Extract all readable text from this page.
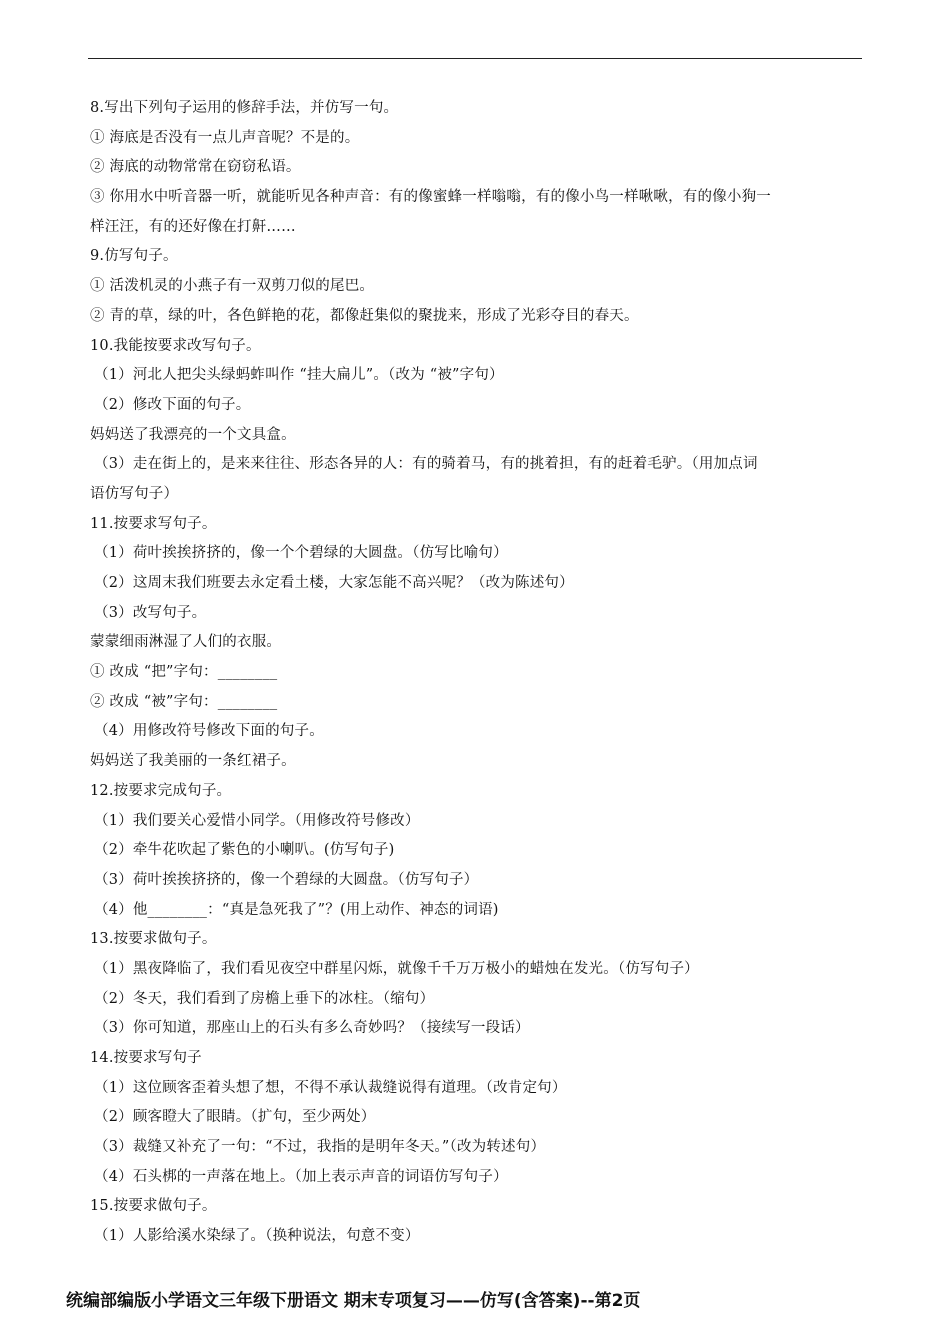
8.写出下列句子运用的修辞手法，并仿写一句。
① 海底是否没有一点儿声音呢？不是的。
② 海底的动物常常在窃窃私语。
③ 你用水中听音器一听，就能听见各种声音：有的像蜜蜂一样嗡嗡，有的像小鸟一样啾啾，有的像小狗一
样汪汪，有的还好像在打鼾……
9.仿写句子。
① 活泼机灵的小燕子有一双剪刀似的尾巴。
② 青的草，绿的叶，各色鲜艳的花，都像赶集似的聚拢来，形成了光彩夺目的春天。
10.我能按要求改写句子。
（1）河北人把尖头绿蚂蚱叫作 “挂大扁儿”。（改为 “被”字句）
（2）修改下面的句子。
妈妈送了我漂亮的一个文具盒。
（3）走在街上的，是来来往往、形态各异的人：有的骑着马，有的挑着担，有的赶着毛驴。（用加点词
语仿写句子）
11.按要求写句子。
（1）荷叶挨挨挤挤的，像一个个碧绿的大圆盘。（仿写比喻句）
（2）这周末我们班要去永定看土楼，大家怎能不高兴呢？（改为陈述句）
（3）改写句子。
蒙蒙细雨淋湿了人们的衣服。
① 改成 “把”字句：________
② 改成 “被”字句：________
（4）用修改符号修改下面的句子。
妈妈送了我美丽的一条红裙子。
12.按要求完成句子。
（1）我们要关心爱惜小同学。（用修改符号修改）
（2）牵牛花吹起了紫色的小喇叭。(仿写句子)
（3）荷叶挨挨挤挤的，像一个碧绿的大圆盘。（仿写句子）
（4）他________：“真是急死我了”？(用上动作、神态的词语)
13.按要求做句子。
（1）黑夜降临了，我们看见夜空中群星闪烁，就像千千万万极小的蜡烛在发光。（仿写句子）
（2）冬天，我们看到了房檐上垂下的冰柱。（缩句）
（3）你可知道，那座山上的石头有多么奇妙吗？（接续写一段话）
14.按要求写句子
（1）这位顾客歪着头想了想，不得不承认裁缝说得有道理。（改肯定句）
（2）顾客瞪大了眼睛。（扩句，至少两处）
（3）裁缝又补充了一句：“不过，我指的是明年冬天。”（改为转述句）
（4）石头梆的一声落在地上。（加上表示声音的词语仿写句子）
15.按要求做句子。
（1）人影给溪水染绿了。（换种说法，句意不变）
统编部编版小学语文三年级下册语文 期末专项复习——仿写(含答案)--第2页
